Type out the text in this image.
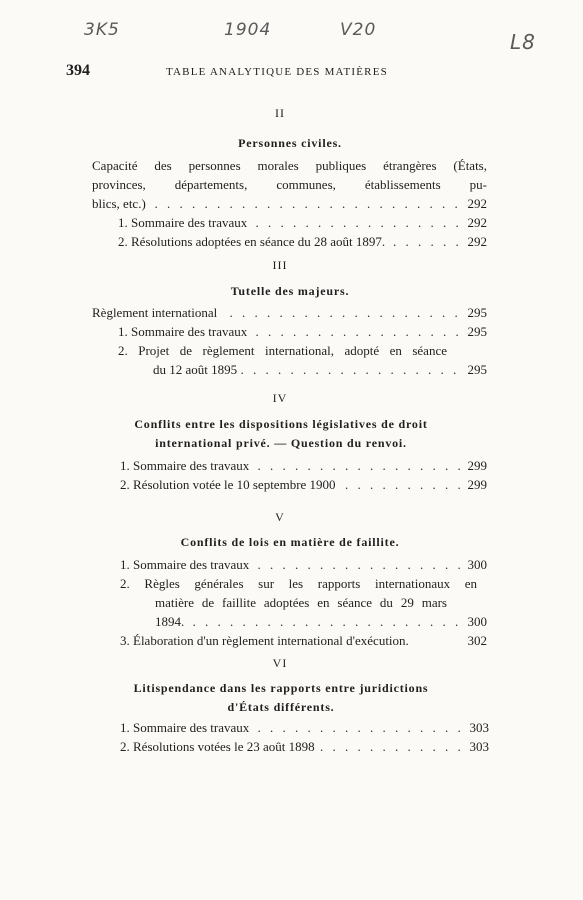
3K5	1904	V20	L8
394	TABLE ANALYTIQUE DES MATIÈRES
II
Personnes civiles.
Capacité des personnes morales publiques étrangères (États,
provinces, départements, communes, établissements pu-
blics, etc.)	292
. . .
1. Sommaire des travaux	292
. . .
2. Résolutions adoptées en séance du 28 août 1897.	292
. . .
III
Tutelle des majeurs.
Règlement international	295
. . .
1. Sommaire des travaux	295
. . .
2. Projet de règlement international, adopté en séance
du 12 août 1895	295
. . .
IV
Conflits entre les dispositions législatives de droit
international privé. — Question du renvoi.
1. Sommaire des travaux	299
. . .
2. Résolution votée le 10 septembre 1900	299
. . .
V
Conflits de lois en matière de faillite.
1. Sommaire des travaux	300
. . .
2. Règles générales sur les rapports internationaux en
matière de faillite adoptées en séance du 29 mars
1894.	300
. . .
3. Élaboration d'un règlement international d'exécution.	302
VI
Litispendance dans les rapports entre juridictions
d'États différents.
1. Sommaire des travaux	303
. . .
2. Résolutions votées le 23 août 1898	303
. . .
